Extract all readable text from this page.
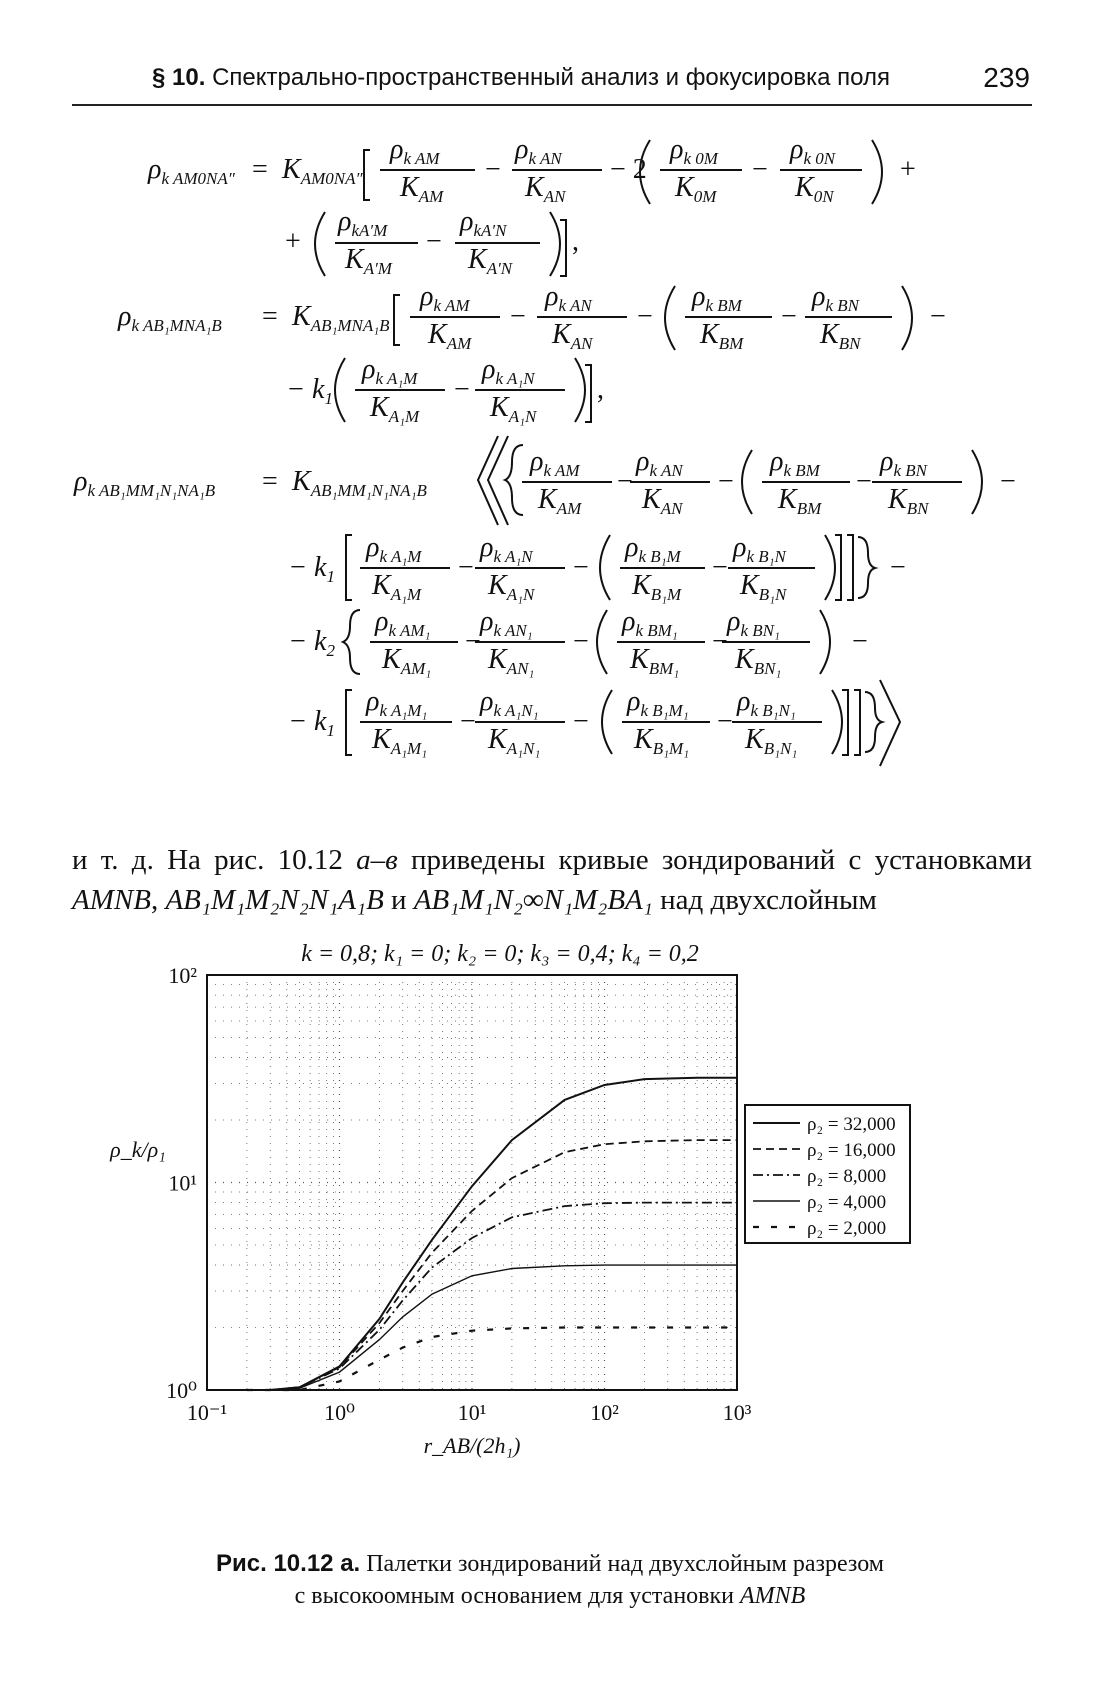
§ 10. Спектрально-пространственный анализ и фокусировка поля	239
$\rho_{k AM0NA''} = K_{AM0NA''}$
$\rho_{k AM}$
$K_{AM}$
−
$\rho_{k AN}$
$K_{AN}$
− 2
$\rho_{k 0M}$
$K_{0M}$
−
$\rho_{k 0N}$
$K_{0N}$
+
+
$\rho_{kA'M}$
$K_{A'M}$
−
$\rho_{kA'N}$
$K_{A'N}$
,
$\rho_{k AB_1MNA_1B} = K_{AB_1MNA_1B}$
$\rho_{k AM}$
$K_{AM}$
−
$\rho_{k AN}$
$K_{AN}$
−
$\rho_{k BM}$
$K_{BM}$
−
$\rho_{k BN}$
$K_{BN}$
−
− $k_1$
$\rho_{k A_1M}$
$K_{A_1M}$
−
$\rho_{k A_1N}$
$K_{A_1N}$
,
$\rho_{k AB_1MM_1N_1NA_1B} = K_{AB_1MM_1N_1NA_1B}$
$\rho_{k AM}$
$K_{AM}$
−
$\rho_{k AN}$
$K_{AN}$
−
$\rho_{k BM}$
$K_{BM}$
−
$\rho_{k BN}$
$K_{BN}$
−
− $k_1$
$\rho_{k A_1M}$
$K_{A_1M}$
−
$\rho_{k A_1N}$
$K_{A_1N}$
−
$\rho_{k B_1M}$
$K_{B_1M}$
−
$\rho_{k B_1N}$
$K_{B_1N}$
−
− $k_2$
$\rho_{k AM_1}$
$K_{AM_1}$
−
$\rho_{k AN_1}$
$K_{AN_1}$
−
$\rho_{k BM_1}$
$K_{BM_1}$
−
$\rho_{k BN_1}$
$K_{BN_1}$
−
− $k_1$
$\rho_{k A_1M_1}$
$K_{A_1M_1}$
−
$\rho_{k A_1N_1}$
$K_{A_1N_1}$
−
$\rho_{k B_1M_1}$
$K_{B_1M_1}$
−
$\rho_{k B_1N_1}$
$K_{B_1N_1}$
и т. д. На рис. 10.12 а–в приведены кривые зондирований с установками AMNB, AB₁M₁M₂N₂N₁A₁B и AB₁M₁N₂∞N₁M₂BA₁ над двухслойным
k = 0,8; k₁ = 0; k₂ = 0; k₃ = 0,4; k₄ = 0,2
10⁻¹	10⁰	10¹	10²	10³
10⁰
10¹
10²
ρ_k/ρ₁
r_AB/(2h₁)
ρ₂ = 32,000
ρ₂ = 16,000
ρ₂ = 8,000
ρ₂ = 4,000
ρ₂ = 2,000
Рис. 10.12 а. Палетки зондирований над двухслойным разрезом
с высокоомным основанием для установки AMNB
